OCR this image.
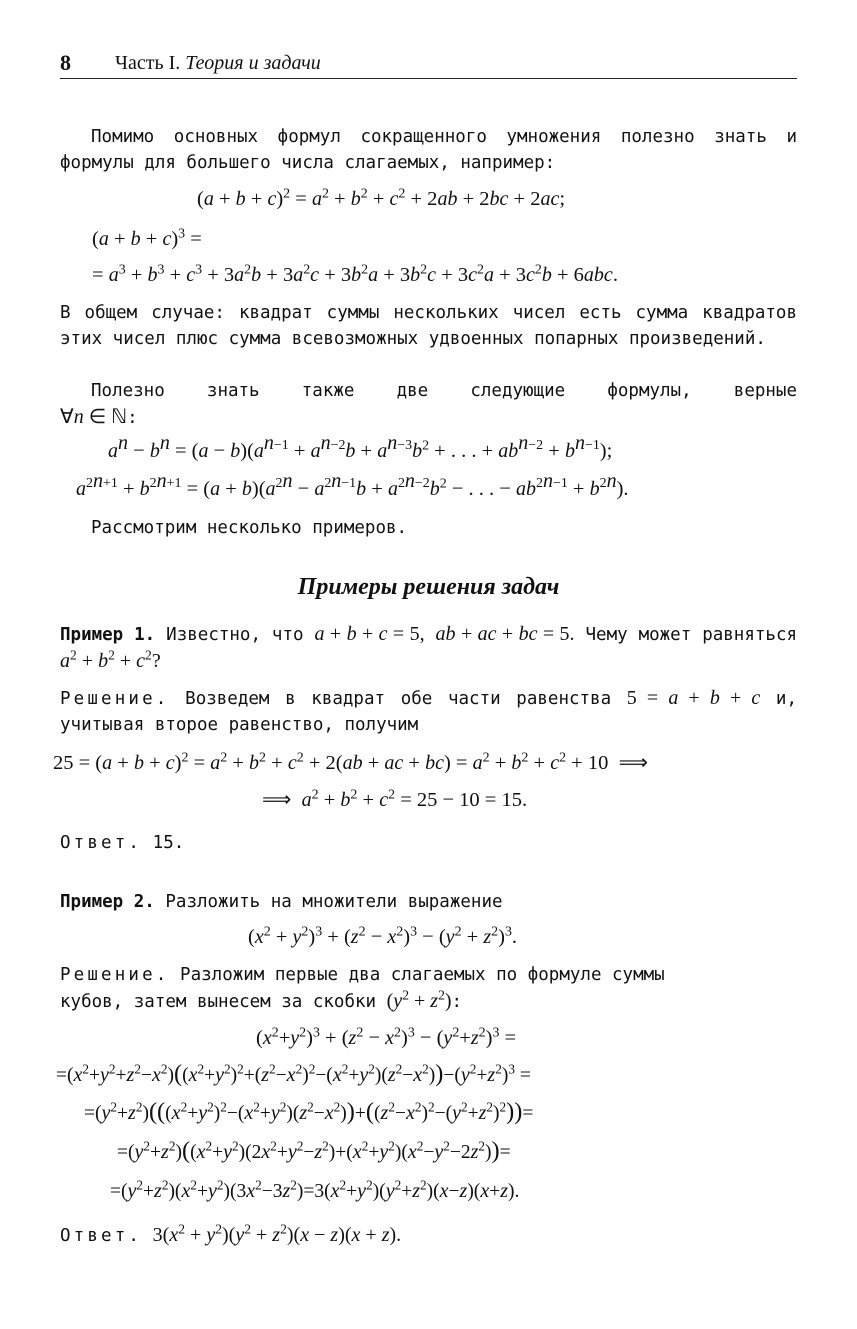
8 Часть I. Теория и задачи
Помимо основных формул сокращенного умножения полезно знать и формулы для большего числа слагаемых, например:
$(a + b + c)^2 = a^2 + b^2 + c^2 + 2ab + 2bc + 2ac$;
$(a + b + c)^3$ =
= $a^3 + b^3 + c^3 + 3a^2b + 3a^2c + 3b^2a + 3b^2c + 3c^2a + 3c^2b + 6abc$.
В общем случае: квадрат суммы нескольких чисел есть сумма квадратов этих чисел плюс сумма всевозможных удвоенных попарных произведений.
Полезно знать также две следующие формулы, верные
∀n ∈ ℕ:
$a^n - b^n = (a - b)(a^{n-1} + a^{n-2}b + a^{n-3}b^2$ + . . . + $ab^{n-2} + b^{n-1}$);
$a^{2n+1} + b^{2n+1} = (a + b)(a^{2n} - a^{2n-1}b + a^{2n-2}b^2$ − . . . − $ab^{2n-1} + b^{2n}$).
Рассмотрим несколько примеров.
Примеры решения задач
Пример 1. Известно, что a + b + c = 5, ab + ac + bc = 5. Чему может равняться $a^2 + b^2 + c^2$?
Решение. Возведем в квадрат обе части равенства 5 = a + b + c и, учитывая второе равенство, получим
$25 = (a + b + c)^2 = a^2 + b^2 + c^2 + 2(ab$ + ac + $bc) = a^2 + b^2 + c^2 + 10$  ⟹
⟹  $a^2 + b^2 + c^2 = 25 - 10 = 15$.
Ответ. 15.
Пример 2. Разложить на множители выражение
$(x^2 + y^2)^3 + (z^2 - x^2)^3 - (y^2 + z^2)^3$.
Решение. Разложим первые два слагаемых по формуле суммы
кубов, затем вынесем за скобки $(y^2 + z^2)$:
$(x^2+y^2)^3 + (z^2 - x^2)^3 - (y^2+z^2)^3$ =
$=(x^2+y^2+z^2-x^2)((x^2+y^2)^2+(z^2-x^2)^2-(x^2+y^2)(z^2-x^2))-(y^2+z^2)^3$ =
$=(y^2+z^2)(((x^2+y^2)^2-(x^2+y^2)(z^2-x^2))+((z^2-x^2)^2-(y^2+z^2)^2))=$
$=(y^2+z^2)((x^2+y^2)(2x^2+y^2-z^2)+(x^2+y^2)(x^2-y^2-2z^2))=$
$=(y^2+z^2)(x^2+y^2)(3x^2-3z^2)=3(x^2+y^2)(y^2+z^2)(x-z)(x+z)$.
Ответ. $3(x^2 + y^2)(y^2 + z^2)(x - z)(x + z)$.
